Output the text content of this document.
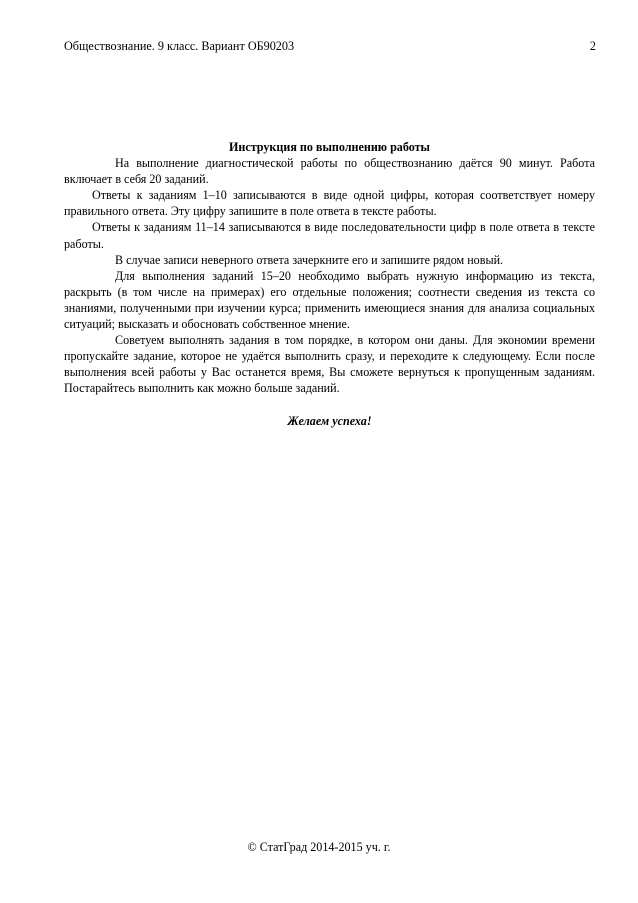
Обществознание. 9 класс. Вариант ОБ90203	2

Инструкция по выполнению работы

На выполнение диагностической работы по обществознанию даётся 90 минут. Работа включает в себя 20 заданий.

Ответы к заданиям 1–10 записываются в виде одной цифры, которая соответствует номеру правильного ответа. Эту цифру запишите в поле ответа в тексте работы.

Ответы к заданиям 11–14 записываются в виде последовательности цифр в поле ответа в тексте работы.

В случае записи неверного ответа зачеркните его и запишите рядом новый.

Для выполнения заданий 15–20 необходимо выбрать нужную информацию из текста, раскрыть (в том числе на примерах) его отдельные положения; соотнести сведения из текста со знаниями, полученными при изучении курса; применить имеющиеся знания для анализа социальных ситуаций; высказать и обосновать собственное мнение.

Советуем выполнять задания в том порядке, в котором они даны. Для экономии времени пропускайте задание, которое не удаётся выполнить сразу, и переходите к следующему. Если после выполнения всей работы у Вас останется время, Вы сможете вернуться к пропущенным заданиям. Постарайтесь выполнить как можно больше заданий.

Желаем успеха!

© СтатГрад 2014-2015 уч. г.
